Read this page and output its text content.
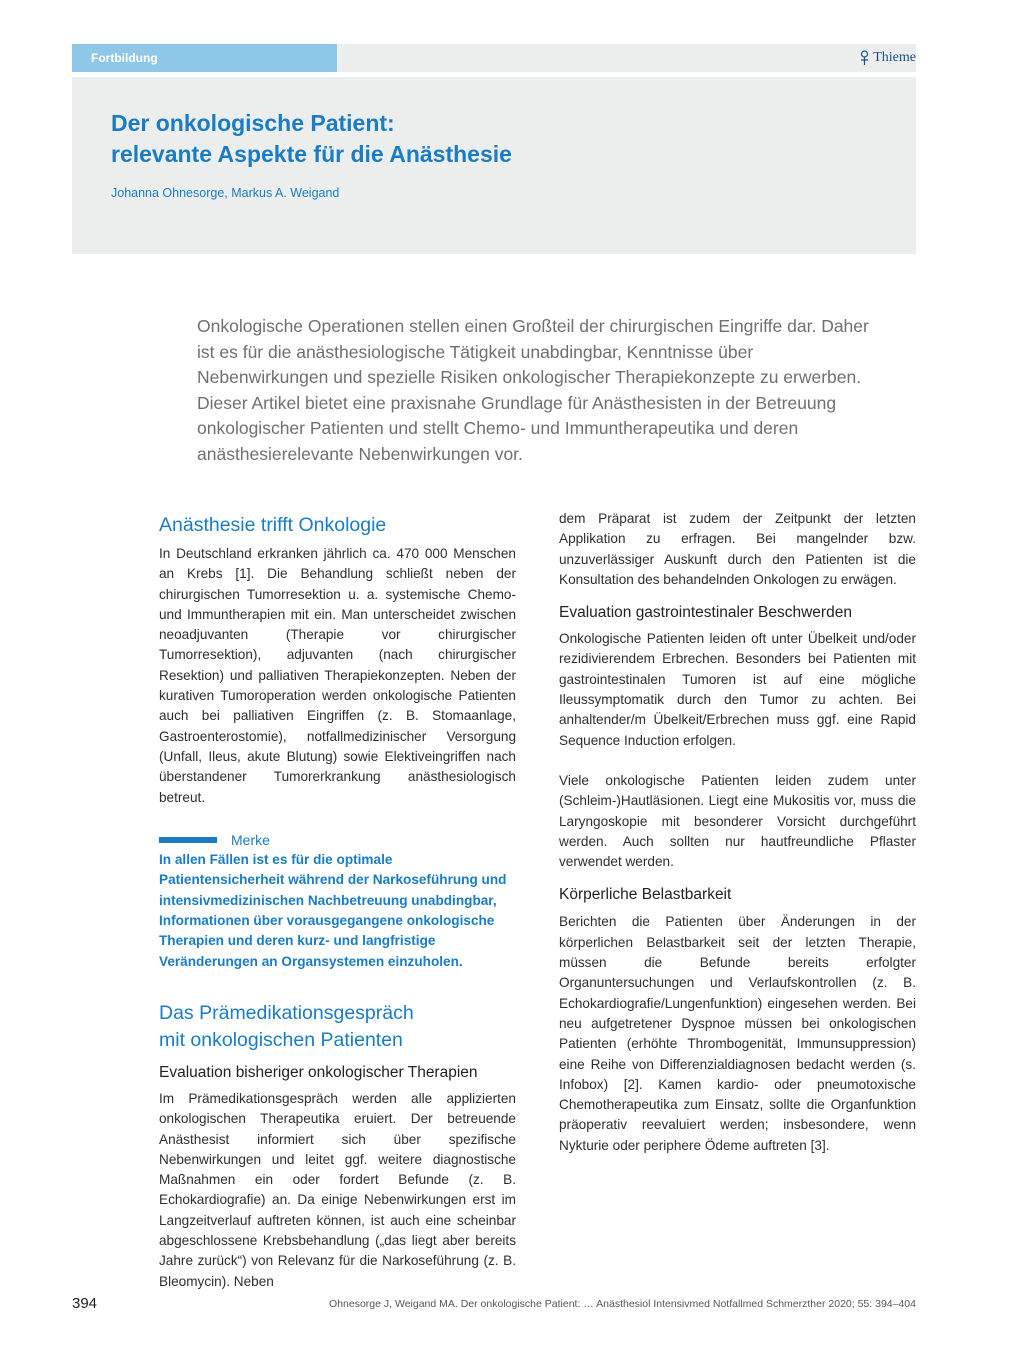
Fortbildung	Thieme
Der onkologische Patient:
relevante Aspekte für die Anästhesie
Johanna Ohnesorge, Markus A. Weigand

Onkologische Operationen stellen einen Großteil der chirurgischen Eingriffe dar. Daher ist es für die anästhesiologische Tätigkeit unabdingbar, Kenntnisse über Nebenwirkungen und spezielle Risiken onkologischer Therapiekonzepte zu erwerben. Dieser Artikel bietet eine praxisnahe Grundlage für Anästhesisten in der Betreuung onkologischer Patienten und stellt Chemo- und Immuntherapeutika und deren anästhesierelevante Nebenwirkungen vor.

Anästhesie trifft Onkologie

In Deutschland erkranken jährlich ca. 470 000 Menschen an Krebs [1]. Die Behandlung schließt neben der chirurgischen Tumorresektion u. a. systemische Chemo- und Immuntherapien mit ein. Man unterscheidet zwischen neoadjuvanten (Therapie vor chirurgischer Tumorresektion), adjuvanten (nach chirurgischer Resektion) und palliativen Therapiekonzepten. Neben der kurativen Tumoroperation werden onkologische Patienten auch bei palliativen Eingriffen (z. B. Stomaanlage, Gastroenterostomie), notfallmedizinischer Versorgung (Unfall, Ileus, akute Blutung) sowie Elektiveingriffen nach überstandener Tumorerkrankung anästhesiologisch betreut.

Merke

In allen Fällen ist es für die optimale Patientensicherheit während der Narkoseführung und intensivmedizinischen Nachbetreuung unabdingbar, Informationen über vorausgegangene onkologische Therapien und deren kurz- und langfristige Veränderungen an Organsystemen einzuholen.

Das Prämedikationsgespräch
mit onkologischen Patienten
Evaluation bisheriger onkologischer Therapien

Im Prämedikationsgespräch werden alle applizierten onkologischen Therapeutika eruiert. Der betreuende Anästhesist informiert sich über spezifische Nebenwirkungen und leitet ggf. weitere diagnostische Maßnahmen ein oder fordert Befunde (z. B. Echokardiografie) an. Da einige Nebenwirkungen erst im Langzeitverlauf auftreten können, ist auch eine scheinbar abgeschlossene Krebsbehandlung („das liegt aber bereits Jahre zurück“) von Relevanz für die Narkoseführung (z. B. Bleomycin). Neben

dem Präparat ist zudem der Zeitpunkt der letzten Applikation zu erfragen. Bei mangelnder bzw. unzuverlässiger Auskunft durch den Patienten ist die Konsultation des behandelnden Onkologen zu erwägen.

Evaluation gastrointestinaler Beschwerden

Onkologische Patienten leiden oft unter Übelkeit und/oder rezidivierendem Erbrechen. Besonders bei Patienten mit gastrointestinalen Tumoren ist auf eine mögliche Ileussymptomatik durch den Tumor zu achten. Bei anhaltender/m Übelkeit/Erbrechen muss ggf. eine Rapid Sequence Induction erfolgen.

Viele onkologische Patienten leiden zudem unter (Schleim-)Hautläsionen. Liegt eine Mukositis vor, muss die Laryngoskopie mit besonderer Vorsicht durchgeführt werden. Auch sollten nur hautfreundliche Pflaster verwendet werden.

Körperliche Belastbarkeit

Berichten die Patienten über Änderungen in der körperlichen Belastbarkeit seit der letzten Therapie, müssen die Befunde bereits erfolgter Organuntersuchungen und Verlaufskontrollen (z. B. Echokardiografie/Lungenfunktion) eingesehen werden. Bei neu aufgetretener Dyspnoe müssen bei onkologischen Patienten (erhöhte Thrombogenität, Immunsuppression) eine Reihe von Differenzialdiagnosen bedacht werden (s. Infobox) [2]. Kamen kardio- oder pneumotoxische Chemotherapeutika zum Einsatz, sollte die Organfunktion präoperativ reevaluiert werden; insbesondere, wenn Nykturie oder periphere Ödeme auftreten [3].

394	Ohnesorge J, Weigand MA. Der onkologische Patient: … Anästhesiol Intensivmed Notfallmed Schmerzther 2020; 55: 394–404
